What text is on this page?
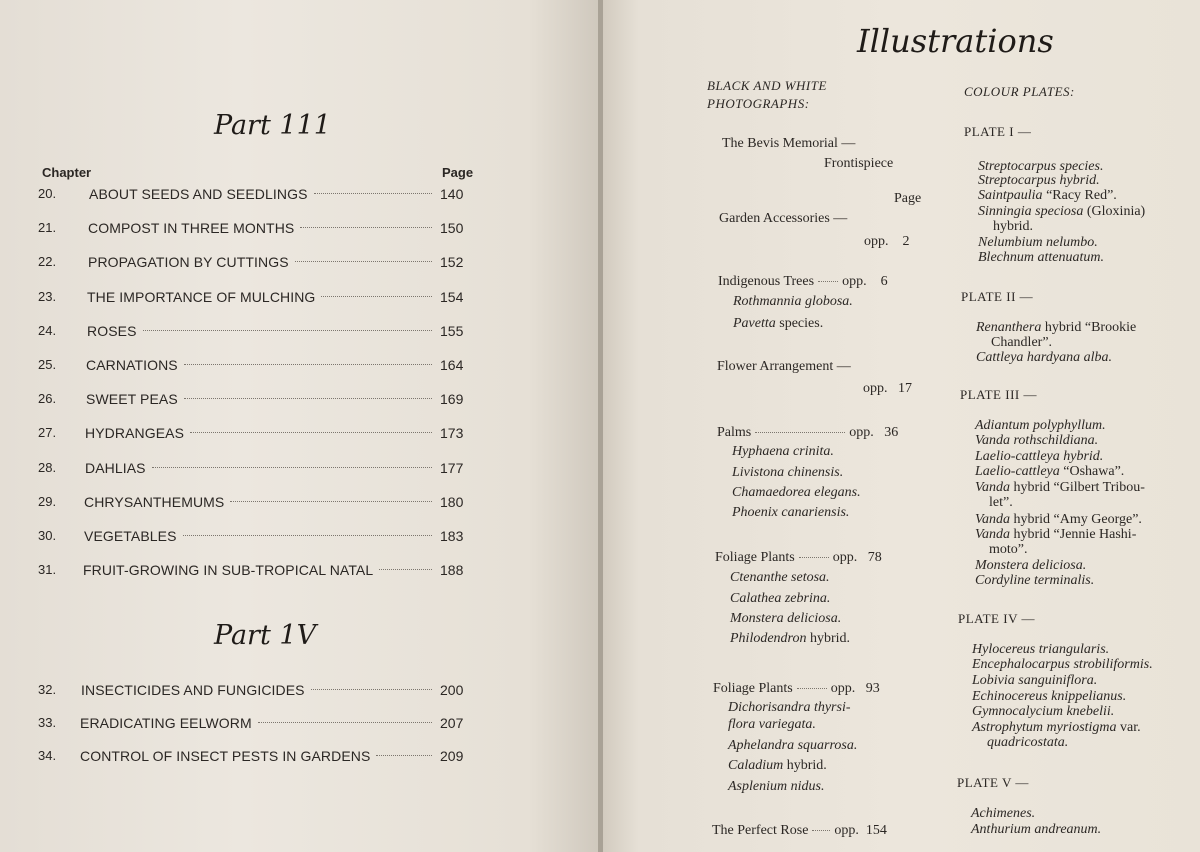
Part 111
Chapter	Page
20. ABOUT SEEDS AND SEEDLINGS	140
21. COMPOST IN THREE MONTHS	150
22. PROPAGATION BY CUTTINGS	152
23. THE IMPORTANCE OF MULCHING	154
24. ROSES	155
25. CARNATIONS	164
26. SWEET PEAS	169
27. HYDRANGEAS	173
28. DAHLIAS	177
29. CHRYSANTHEMUMS	180
30. VEGETABLES	183
31. FRUIT-GROWING IN SUB-TROPICAL NATAL	188
Part 1V
32. INSECTICIDES AND FUNGICIDES	200
33. ERADICATING EELWORM	207
34. CONTROL OF INSECT PESTS IN GARDENS	209
Illustrations
BLACK AND WHITE
PHOTOGRAPHS:
The Bevis Memorial —
Frontispiece
Page
Garden Accessories —
opp. 2
Indigenous Trees opp. 6
Rothmannia globosa.
Pavetta species.
Flower Arrangement —
opp. 17
Palms	opp. 36
Hyphaena crinita.
Livistona chinensis.
Chamaedorea elegans.
Phoenix canariensis.
Foliage Plants	opp. 78
Ctenanthe setosa.
Calathea zebrina.
Monstera deliciosa.
Philodendron hybrid.
Foliage Plants	opp. 93
Dichorisandra thyrsi-
flora variegata.
Aphelandra squarrosa.
Caladium hybrid.
Asplenium nidus.
The Perfect Rose opp. 154
COLOUR PLATES:
PLATE I —
Streptocarpus species.
Streptocarpus hybrid.
Saintpaulia “Racy Red”.
Sinningia speciosa (Gloxinia)
hybrid.
Nelumbium nelumbo.
Blechnum attenuatum.
PLATE II —
Renanthera hybrid “Brookie
Chandler”.
Cattleya hardyana alba.
PLATE III —
Adiantum polyphyllum.
Vanda rothschildiana.
Laelio-cattleya hybrid.
Laelio-cattleya “Oshawa”.
Vanda hybrid “Gilbert Tribou-
let”.
Vanda hybrid “Amy George”.
Vanda hybrid “Jennie Hashi-
moto”.
Monstera deliciosa.
Cordyline terminalis.
PLATE IV —
Hylocereus triangularis.
Encephalocarpus strobiliformis.
Lobivia sanguiniflora.
Echinocereus knippelianus.
Gymnocalycium knebelii.
Astrophytum myriostigma var.
quadricostata.
PLATE V —
Achimenes.
Anthurium andreanum.
